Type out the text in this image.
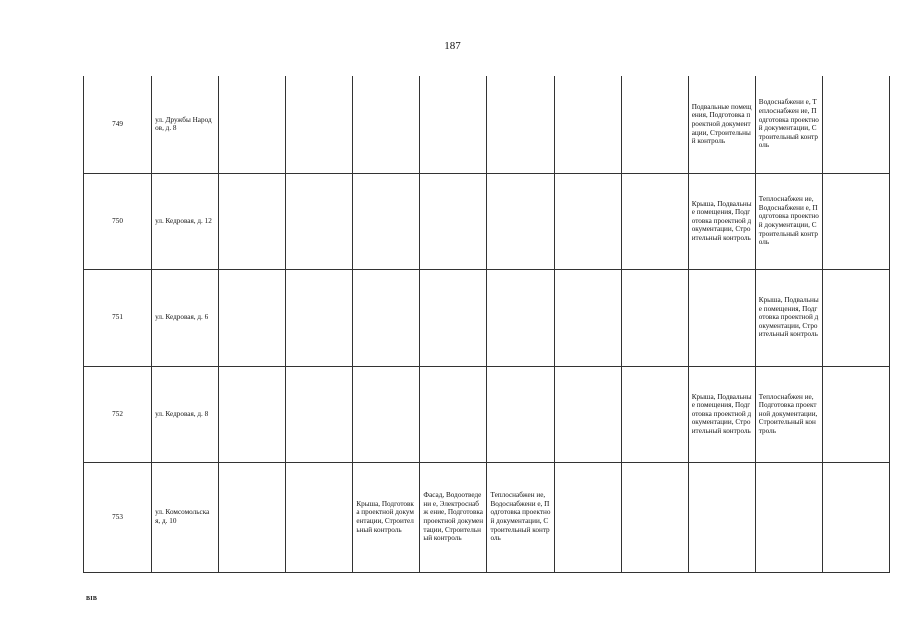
187
749	ул. Дружбы Народов, д. 8								Подвальные помещения, Подготовка проектной документации, Строительный контроль	Водоснабжени е, Теплоснабжен ие, Подготовка проектной документации, Строительный контроль	
750	ул. Кедровая, д. 12								Крыша, Подвальные помещения, Подготовка проектной документации, Строительный контроль	Теплоснабжен ие, Водоснабжени е, Подготовка проектной документации, Строительный контроль	
751	ул. Кедровая, д. 6									Крыша, Подвальные помещения, Подготовка проектной документации, Строительный контроль	
752	ул. Кедровая, д. 8								Крыша, Подвальные помещения, Подготовка проектной документации, Строительный контроль	Теплоснабжен ие, Подготовка проектной документации, Строительный контроль	
753	ул. Комсомольска я, д. 10			Крыша, Подготовка проектной документации, Строительный контроль	Фасад, Водоотведени е, Электроснабж ение, Подготовка проектной документации, Строительный контроль	Теплоснабжен ие, Водоснабжени е, Подготовка проектной документации, Строительный контроль					
BIB
